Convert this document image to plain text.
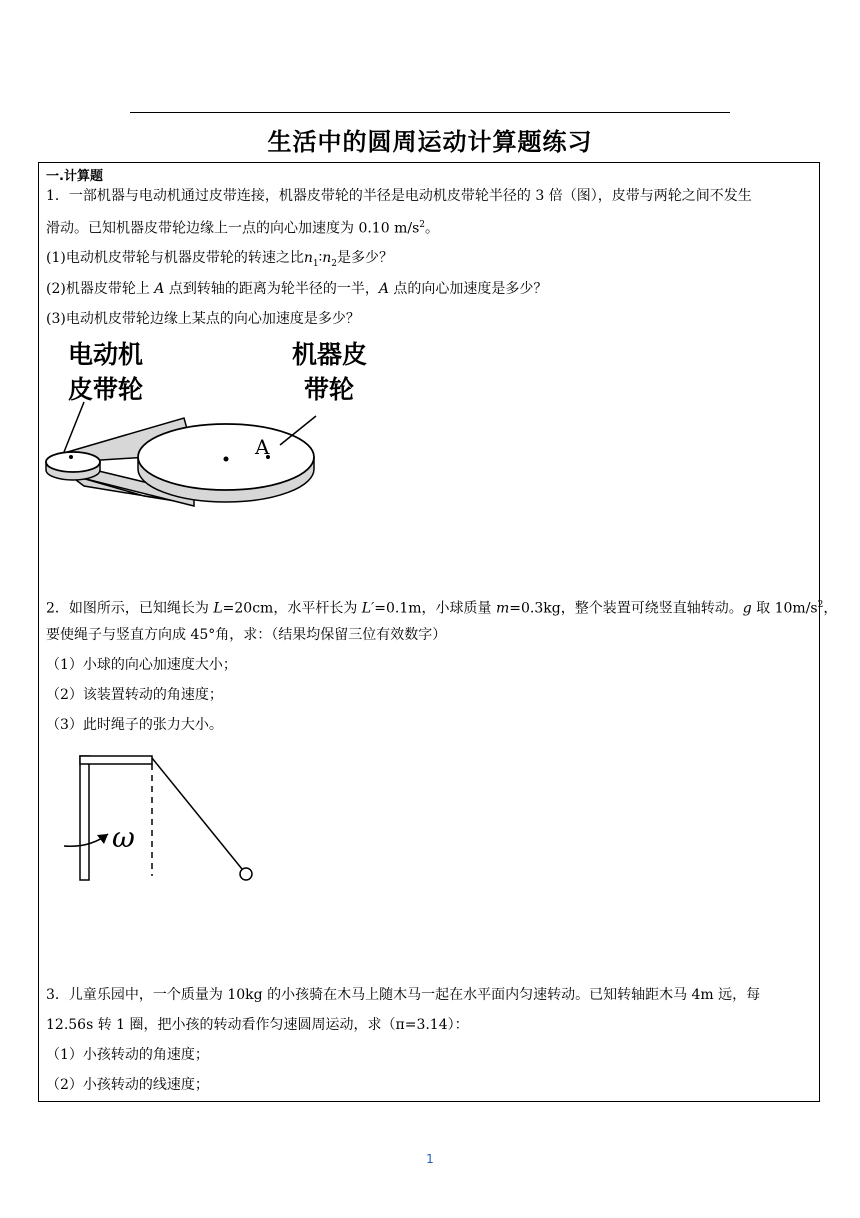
生活中的圆周运动计算题练习
一.计算题
1．一部机器与电动机通过皮带连接，机器皮带轮的半径是电动机皮带轮半径的 3 倍（图），皮带与两轮之间不发生
滑动。已知机器皮带轮边缘上一点的向心加速度为 0.10 $m/s^2$。
(1)电动机皮带轮与机器皮带轮的转速之比$n_1∶n_2$是多少？
(2)机器皮带轮上 A 点到转轴的距离为轮半径的一半，A 点的向心加速度是多少？
(3)电动机皮带轮边缘上某点的向心加速度是多少？
A
电动机
皮带轮
机器皮
带轮
2．如图所示，已知绳长为 L=20cm，水平杆长为 L′=0.1m，小球质量 m=0.3kg，整个装置可绕竖直轴转动。g 取 $10m/s^2$，
要使绳子与竖直方向成 45°角，求：（结果均保留三位有效数字）
（1）小球的向心加速度大小；
（2）该装置转动的角速度；
（3）此时绳子的张力大小。
ω
3．儿童乐园中，一个质量为 10kg 的小孩骑在木马上随木马一起在水平面内匀速转动。已知转轴距木马 4m 远，每
12.56s 转 1 圈，把小孩的转动看作匀速圆周运动，求（π=3.14）：
（1）小孩转动的角速度；
（2）小孩转动的线速度；
1
